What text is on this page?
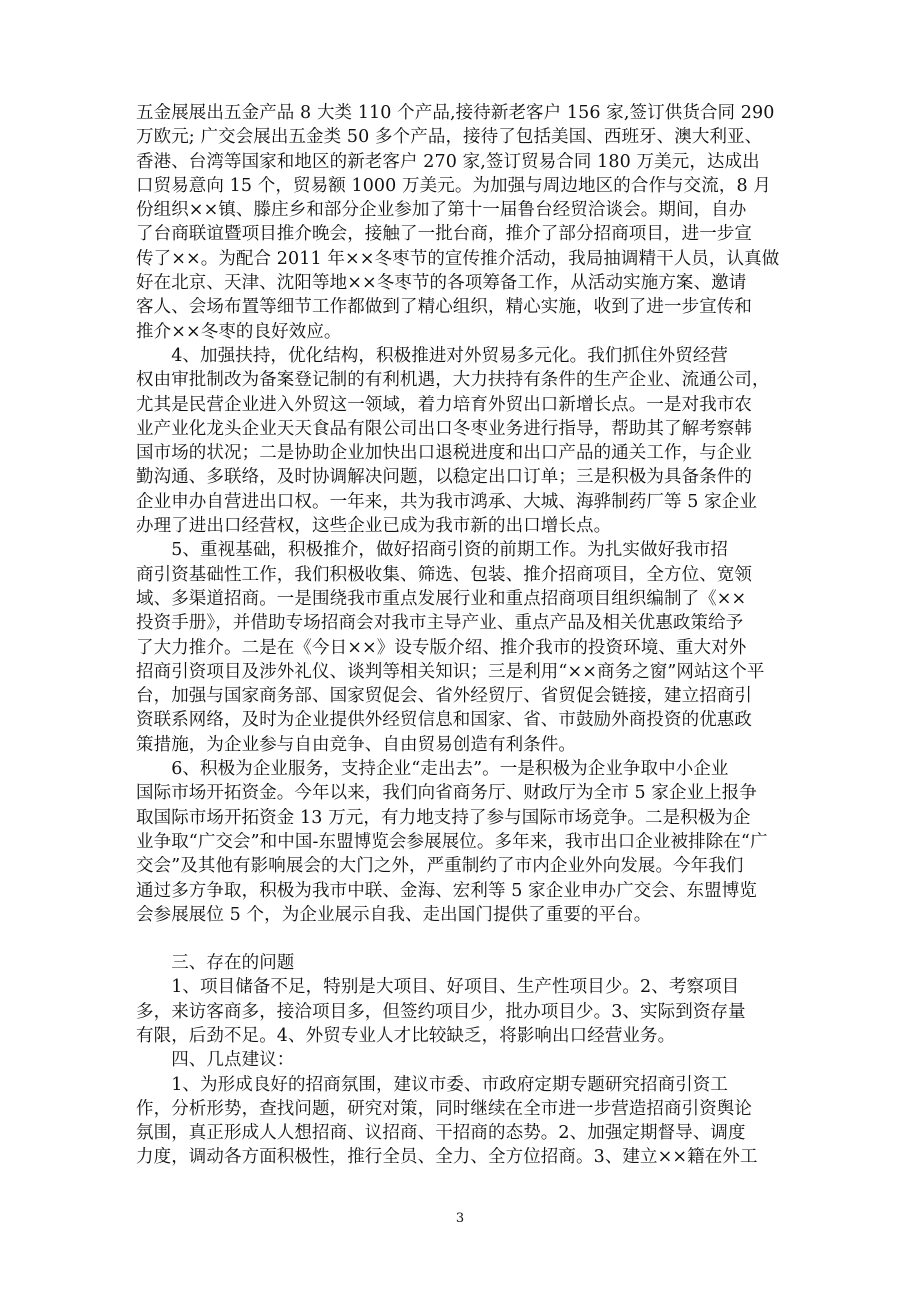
五金展展出五金产品 8 大类 110 个产品,接待新老客户 156 家,签订供货合同 290
万欧元; 广交会展出五金类 50 多个产品，接待了包括美国、西班牙、澳大利亚、
香港、台湾等国家和地区的新老客户 270 家,签订贸易合同 180 万美元，达成出
口贸易意向 15 个，贸易额 1000 万美元。为加强与周边地区的合作与交流，8 月
份组织××镇、滕庄乡和部分企业参加了第十一届鲁台经贸洽谈会。期间，自办
了台商联谊暨项目推介晚会，接触了一批台商，推介了部分招商项目，进一步宣
传了××。为配合 2011 年××冬枣节的宣传推介活动，我局抽调精干人员，认真做
好在北京、天津、沈阳等地××冬枣节的各项筹备工作，从活动实施方案、邀请
客人、会场布置等细节工作都做到了精心组织，精心实施，收到了进一步宣传和
推介××冬枣的良好效应。
　　4、加强扶持，优化结构，积极推进对外贸易多元化。我们抓住外贸经营
权由审批制改为备案登记制的有利机遇，大力扶持有条件的生产企业、流通公司，
尤其是民营企业进入外贸这一领域，着力培育外贸出口新增长点。一是对我市农
业产业化龙头企业天天食品有限公司出口冬枣业务进行指导，帮助其了解考察韩
国市场的状况；二是协助企业加快出口退税进度和出口产品的通关工作，与企业
勤沟通、多联络，及时协调解决问题，以稳定出口订单；三是积极为具备条件的
企业申办自营进出口权。一年来，共为我市鸿承、大城、海骅制药厂等 5 家企业
办理了进出口经营权，这些企业已成为我市新的出口增长点。
　　5、重视基础，积极推介，做好招商引资的前期工作。为扎实做好我市招
商引资基础性工作，我们积极收集、筛选、包装、推介招商项目，全方位、宽领
域、多渠道招商。一是围绕我市重点发展行业和重点招商项目组织编制了《××
投资手册》，并借助专场招商会对我市主导产业、重点产品及相关优惠政策给予
了大力推介。二是在《今日××》设专版介绍、推介我市的投资环境、重大对外
招商引资项目及涉外礼仪、谈判等相关知识；三是利用“××商务之窗”网站这个平
台，加强与国家商务部、国家贸促会、省外经贸厅、省贸促会链接，建立招商引
资联系网络，及时为企业提供外经贸信息和国家、省、市鼓励外商投资的优惠政
策措施，为企业参与自由竞争、自由贸易创造有利条件。
　　6、积极为企业服务，支持企业“走出去”。一是积极为企业争取中小企业
国际市场开拓资金。今年以来，我们向省商务厅、财政厅为全市 5 家企业上报争
取国际市场开拓资金 13 万元，有力地支持了参与国际市场竞争。二是积极为企
业争取“广交会”和中国-东盟博览会参展展位。多年来，我市出口企业被排除在“广
交会”及其他有影响展会的大门之外，严重制约了市内企业外向发展。今年我们
通过多方争取，积极为我市中联、金海、宏利等 5 家企业申办广交会、东盟博览
会参展展位 5 个，为企业展示自我、走出国门提供了重要的平台。
　　三、存在的问题
　　1、项目储备不足，特别是大项目、好项目、生产性项目少。2、考察项目
多，来访客商多，接洽项目多，但签约项目少，批办项目少。3、实际到资存量
有限，后劲不足。4、外贸专业人才比较缺乏，将影响出口经营业务。
　　四、几点建议：
　　1、为形成良好的招商氛围，建议市委、市政府定期专题研究招商引资工
作，分析形势，查找问题，研究对策，同时继续在全市进一步营造招商引资舆论
氛围，真正形成人人想招商、议招商、干招商的态势。2、加强定期督导、调度
力度，调动各方面积极性，推行全员、全力、全方位招商。3、建立××籍在外工
3
